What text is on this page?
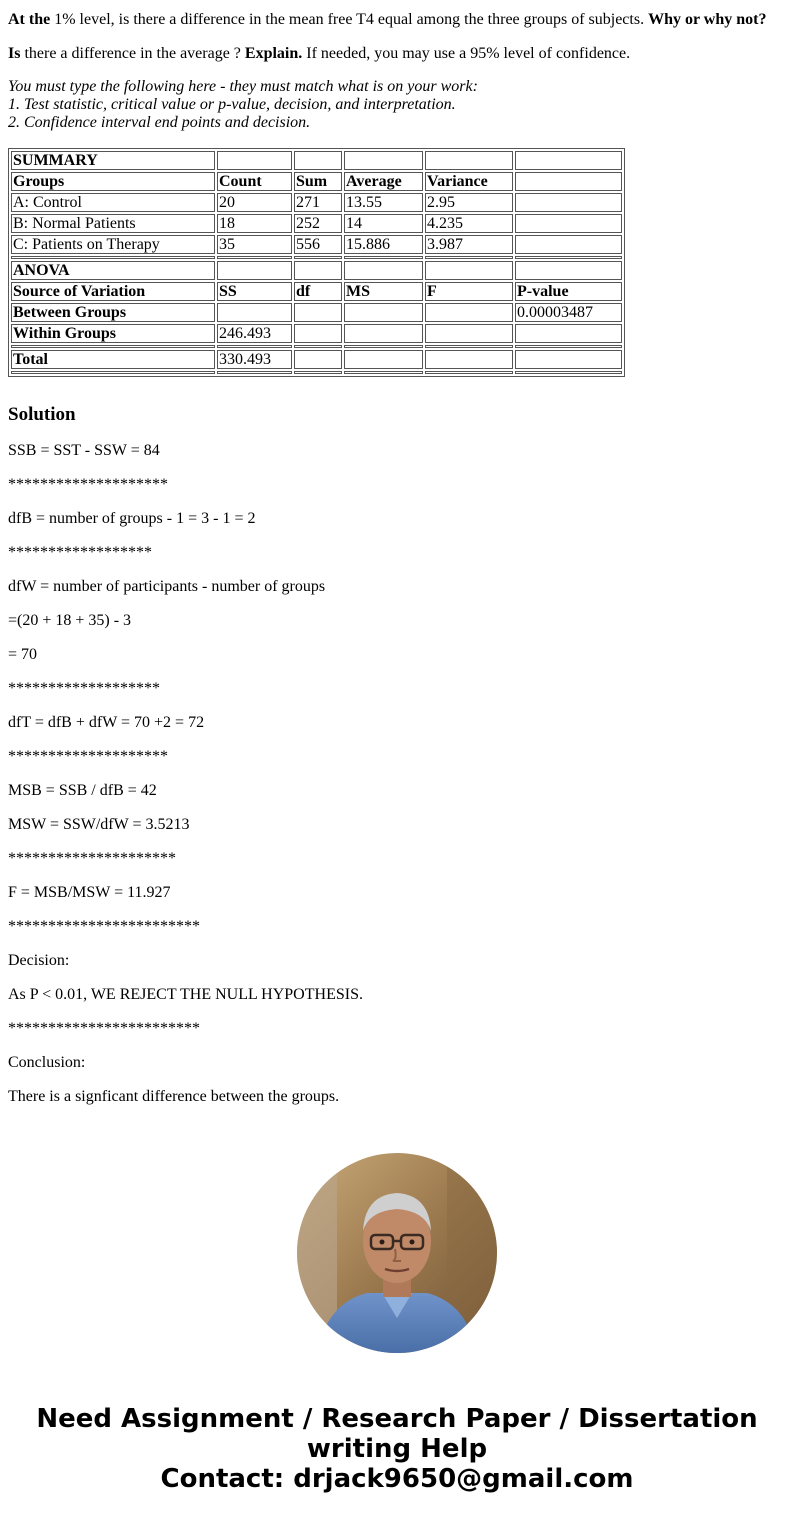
At the 1% level, is there a difference in the mean free T4 equal among the three groups of subjects. Why or why not?

Is there a difference in the average ? Explain. If needed, you may use a 95% level of confidence.

You must type the following here - they must match what is on your work:
1. Test statistic, critical value or p-value, decision, and interpretation.
2. Confidence interval end points and decision.
SUMMARY					
Groups	Count	Sum	Average	Variance	
A: Control	20	271	13.55	2.95	
B: Normal Patients	18	252	14	4.235	
C: Patients on Therapy	35	556	15.886	3.987	

ANOVA					
Source of Variation	SS	df	MS	F	P-value
Between Groups					0.00003487
Within Groups	246.493				

Total	330.493				

Solution

SSB = SST - SSW = 84

********************

dfB = number of groups - 1 = 3 - 1 = 2

******************

dfW = number of participants - number of groups

=(20 + 18 + 35) - 3

= 70

*******************

dfT = dfB + dfW = 70 +2 = 72

********************

MSB = SSB / dfB = 42

MSW = SSW/dfW = 3.5213

*********************

F = MSB/MSW = 11.927

************************

Decision:

As P < 0.01, WE REJECT THE NULL HYPOTHESIS.

************************

Conclusion:

There is a signficant difference between the groups.

Need Assignment / Research Paper / Dissertation
writing Help
Contact: drjack9650@gmail.com
